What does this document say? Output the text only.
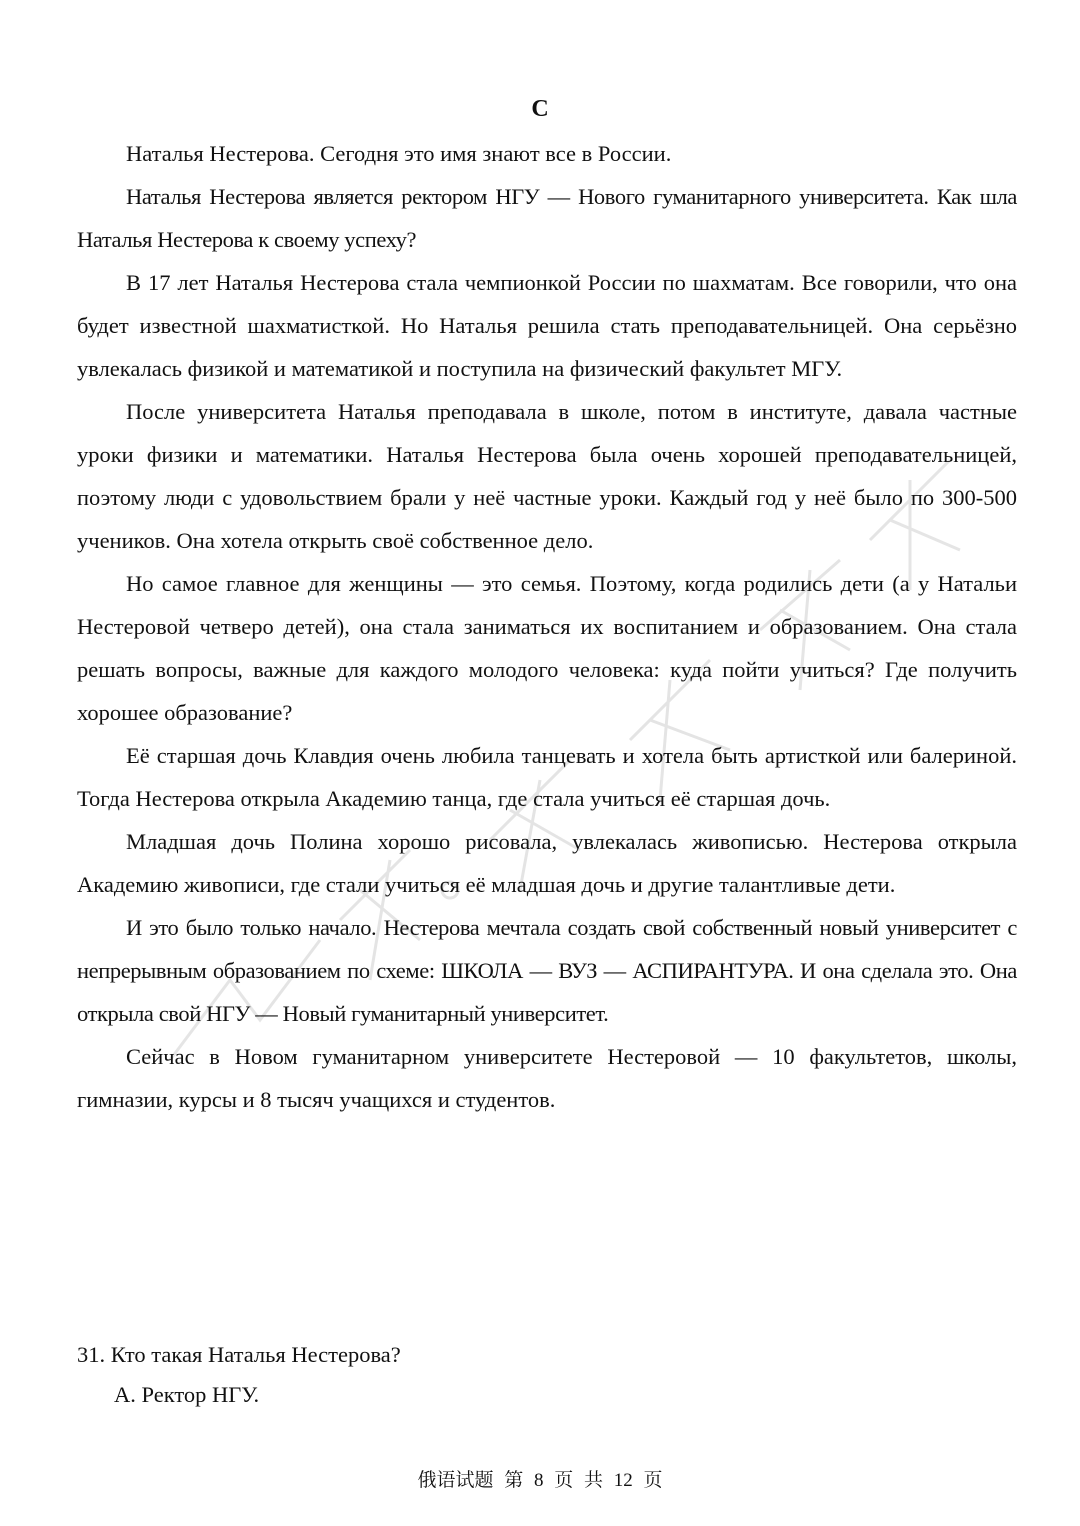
С

Наталья Нестерова. Сегодня это имя знают все в России.

Наталья Нестерова является ректором НГУ — Нового гуманитарного университета. Как шла Наталья Нестерова к своему успеху?

В 17 лет Наталья Нестерова стала чемпионкой России по шахматам. Все говорили, что она будет известной шахматисткой. Но Наталья решила стать преподавательницей. Она серьёзно увлекалась физикой и математикой и поступила на физический факультет МГУ.

После университета Наталья преподавала в школе, потом в институте, давала частные уроки физики и математики. Наталья Нестерова была очень хорошей преподавательницей, поэтому люди с удовольствием брали у неё частные уроки. Каждый год у неё было по 300-500 учеников. Она хотела открыть своё собственное дело.

Но самое главное для женщины — это семья. Поэтому, когда родились дети (а у Натальи Нестеровой четверо детей), она стала заниматься их воспитанием и образованием. Она стала решать вопросы, важные для каждого молодого человека: куда пойти учиться? Где получить хорошее образование?

Её старшая дочь Клавдия очень любила танцевать и хотела быть артисткой или балериной. Тогда Нестерова открыла Академию танца, где стала учиться её старшая дочь.

Младшая дочь Полина хорошо рисовала, увлекалась живописью. Нестерова открыла Академию живописи, где стали учиться её младшая дочь и другие талантливые дети.

И это было только начало. Нестерова мечтала создать свой собственный новый университет с непрерывным образованием по схеме: ШКОЛА — ВУЗ — АСПИРАНТУРА. И она сделала это. Она открыла свой НГУ — Новый гуманитарный университет.

Сейчас в Новом гуманитарном университете Нестеровой — 10 факультетов, школы, гимназии, курсы и 8 тысяч учащихся и студентов.

31. Кто такая Наталья Нестерова?

A. Ректор НГУ.

俄语试题 第 8 页 共 12 页
